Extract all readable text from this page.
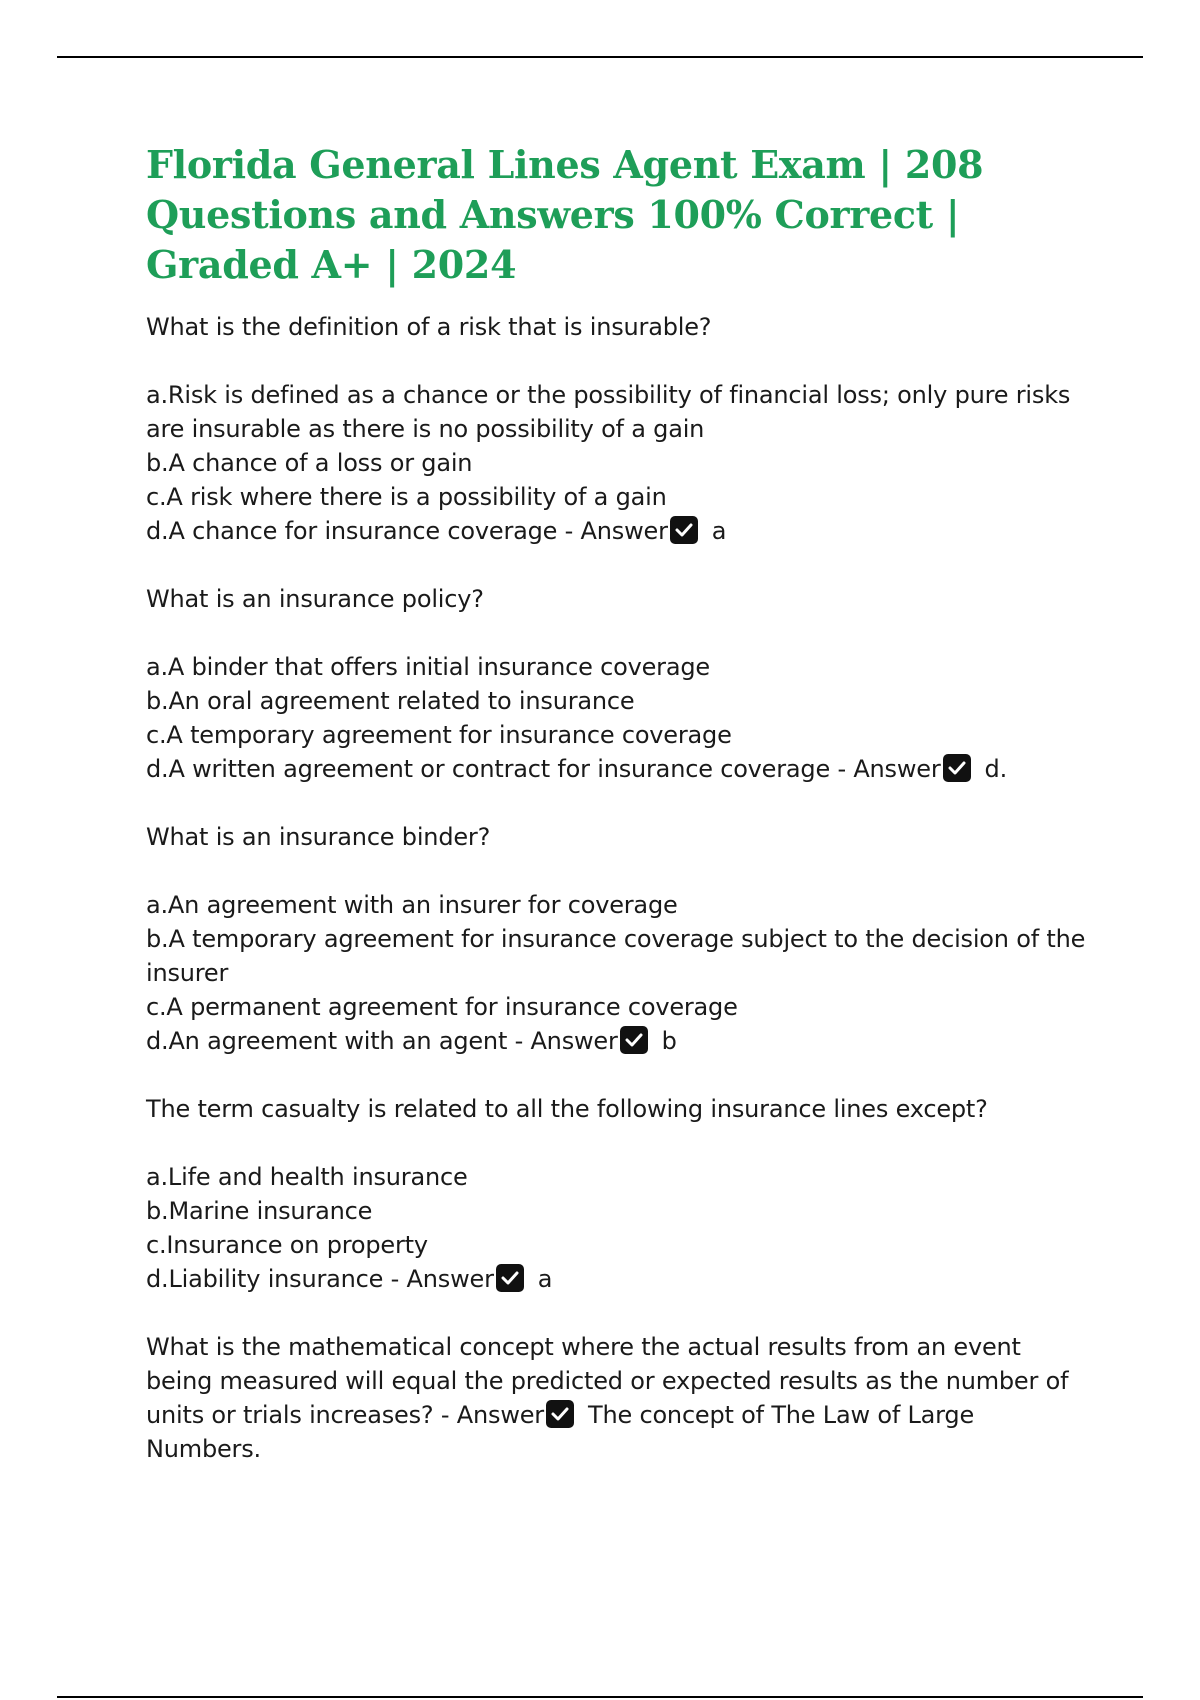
Florida General Lines Agent Exam | 208 Questions and Answers 100% Correct | Graded A+ | 2024
What is the definition of a risk that is insurable?
a.Risk is defined as a chance or the possibility of financial loss; only pure risks are insurable as there is no possibility of a gain
b.A chance of a loss or gain
c.A risk where there is a possibility of a gain
d.A chance for insurance coverage - Answer a
What is an insurance policy?
a.A binder that offers initial insurance coverage
b.An oral agreement related to insurance
c.A temporary agreement for insurance coverage
d.A written agreement or contract for insurance coverage - Answer d.
What is an insurance binder?
a.An agreement with an insurer for coverage
b.A temporary agreement for insurance coverage subject to the decision of the insurer
c.A permanent agreement for insurance coverage
d.An agreement with an agent - Answer b
The term casualty is related to all the following insurance lines except?
a.Life and health insurance
b.Marine insurance
c.Insurance on property
d.Liability insurance - Answer a
What is the mathematical concept where the actual results from an event being measured will equal the predicted or expected results as the number of units or trials increases? - Answer The concept of The Law of Large Numbers.
